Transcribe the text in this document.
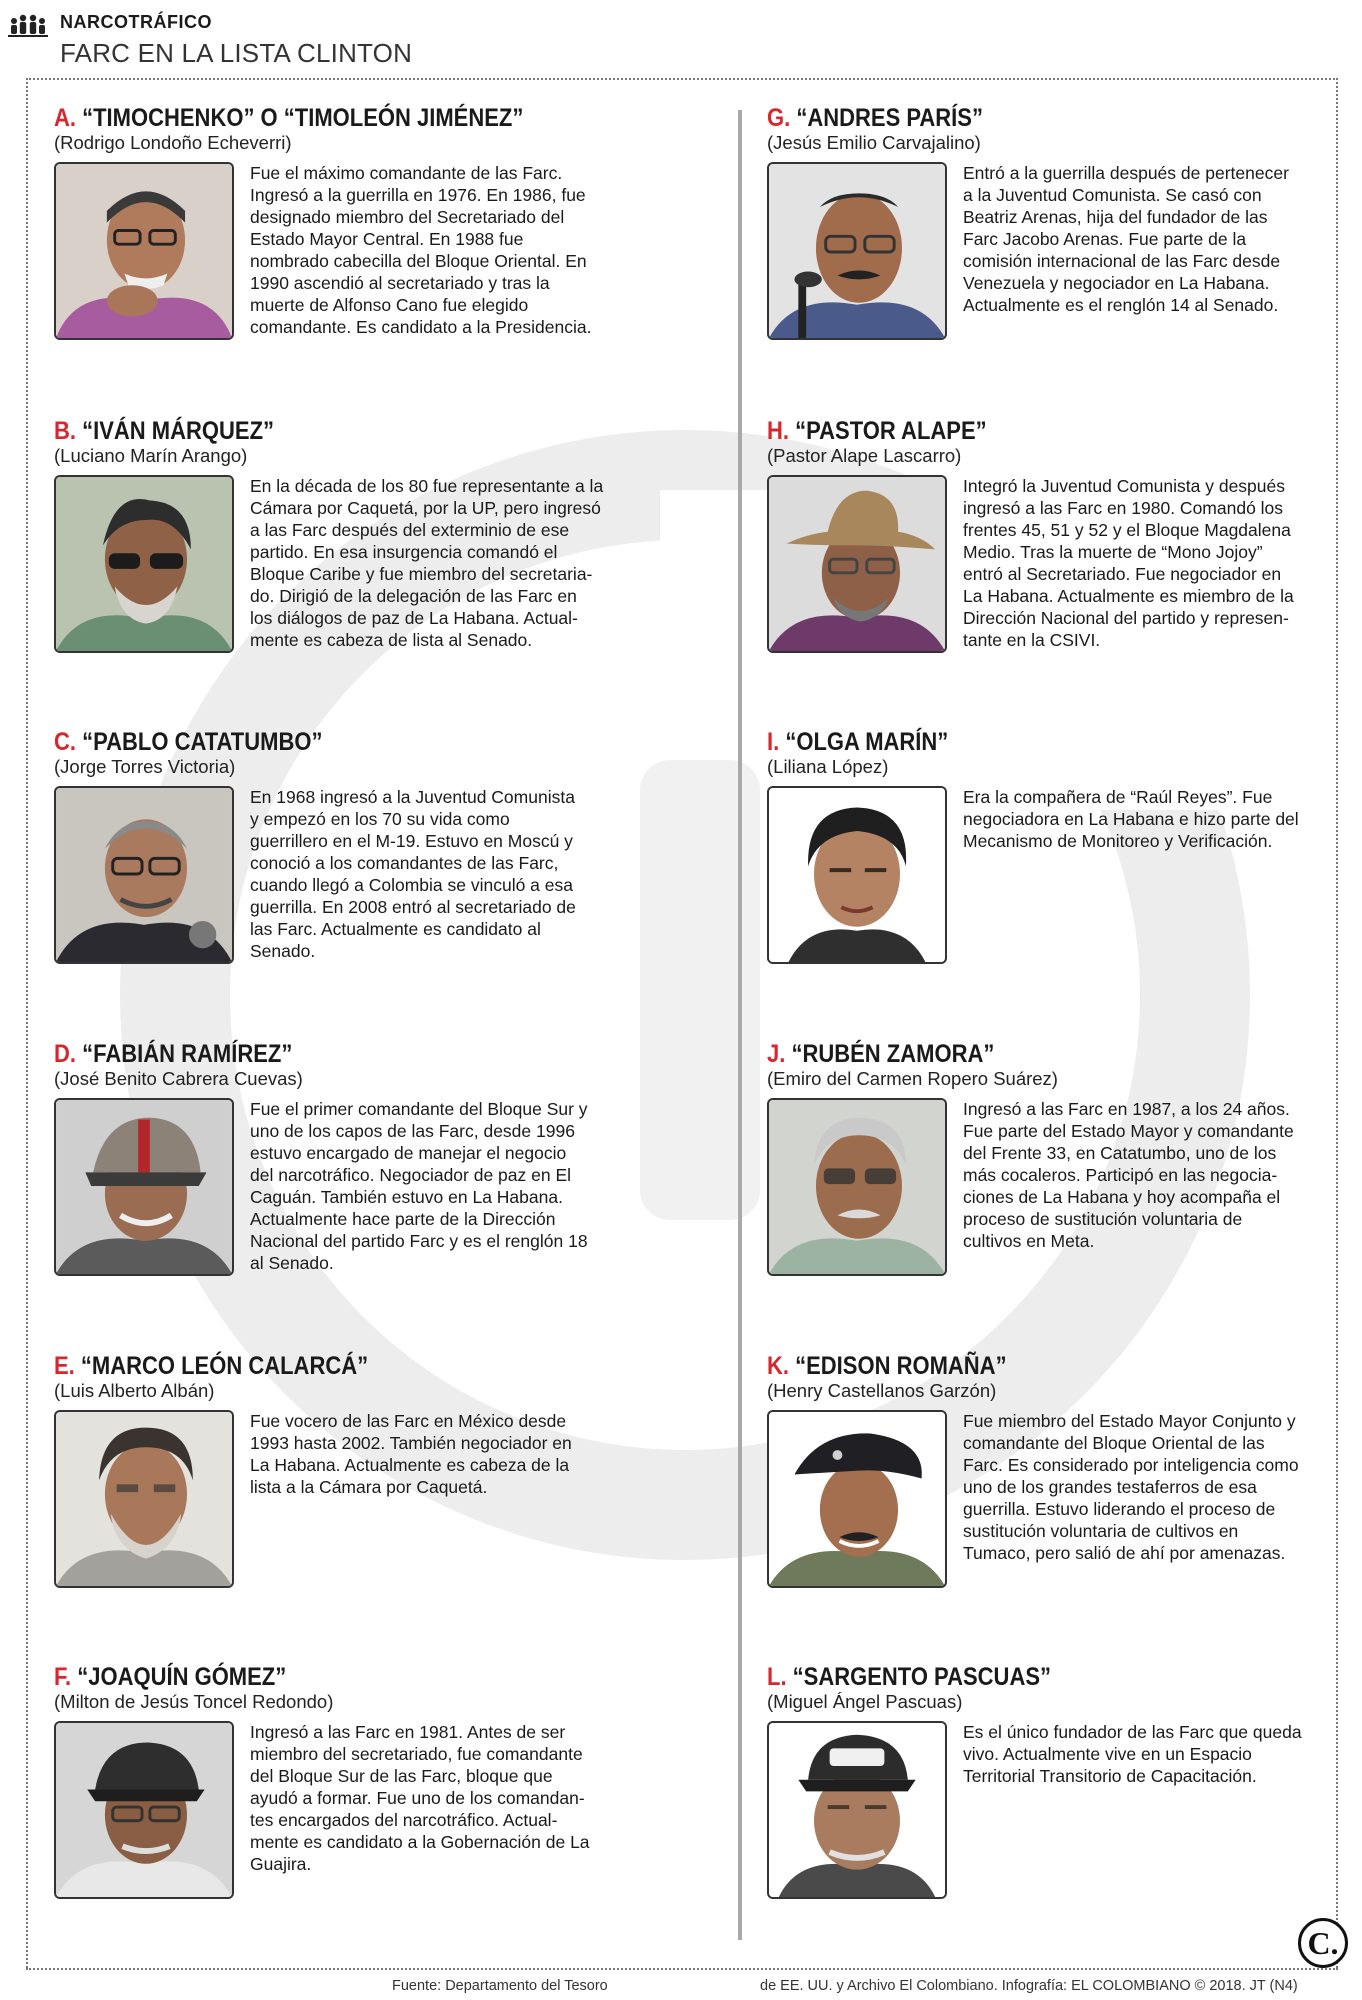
NARCOTRÁFICO
FARC EN LA LISTA CLINTON
A. “TIMOCHENKO” O “TIMOLEÓN JIMÉNEZ”
(Rodrigo Londoño Echeverri)
Fue el máximo comandante de las Farc.
Ingresó a la guerrilla en 1976. En 1986, fue
designado miembro del Secretariado del
Estado Mayor Central. En 1988 fue
nombrado cabecilla del Bloque Oriental. En
1990 ascendió al secretariado y tras la
muerte de Alfonso Cano fue elegido
comandante. Es candidato a la Presidencia.
B. “IVÁN MÁRQUEZ”
(Luciano Marín Arango)
En la década de los 80 fue representante a la
Cámara por Caquetá, por la UP, pero ingresó
a las Farc después del exterminio de ese
partido. En esa insurgencia comandó el
Bloque Caribe y fue miembro del secretaria-
do. Dirigió de la delegación de las Farc en
los diálogos de paz de La Habana. Actual-
mente es cabeza de lista al Senado.
C. “PABLO CATATUMBO”
(Jorge Torres Victoria)
En 1968 ingresó a la Juventud Comunista
y empezó en los 70 su vida como
guerrillero en el M-19. Estuvo en Moscú y
conoció a los comandantes de las Farc,
cuando llegó a Colombia se vinculó a esa
guerrilla. En 2008 entró al secretariado de
las Farc. Actualmente es candidato al
Senado.
D. “FABIÁN RAMÍREZ”
(José Benito Cabrera Cuevas)
Fue el primer comandante del Bloque Sur y
uno de los capos de las Farc, desde 1996
estuvo encargado de manejar el negocio
del narcotráfico. Negociador de paz en El
Caguán. También estuvo en La Habana.
Actualmente hace parte de la Dirección
Nacional del partido Farc y es el renglón 18
al Senado.
E. “MARCO LEÓN CALARCÁ”
(Luis Alberto Albán)
Fue vocero de las Farc en México desde
1993 hasta 2002. También negociador en
La Habana. Actualmente es cabeza de la
lista a la Cámara por Caquetá.
F. “JOAQUÍN GÓMEZ”
(Milton de Jesús Toncel Redondo)
Ingresó a las Farc en 1981. Antes de ser
miembro del secretariado, fue comandante
del Bloque Sur de las Farc, bloque que
ayudó a formar. Fue uno de los comandan-
tes encargados del narcotráfico. Actual-
mente es candidato a la Gobernación de La
Guajira.
G. “ANDRES PARÍS”
(Jesús Emilio Carvajalino)
Entró a la guerrilla después de pertenecer
a la Juventud Comunista. Se casó con
Beatriz Arenas, hija del fundador de las
Farc Jacobo Arenas. Fue parte de la
comisión internacional de las Farc desde
Venezuela y negociador en La Habana.
Actualmente es el renglón 14 al Senado.
H. “PASTOR ALAPE”
(Pastor Alape Lascarro)
Integró la Juventud Comunista y después
ingresó a las Farc en 1980. Comandó los
frentes 45, 51 y 52 y el Bloque Magdalena
Medio. Tras la muerte de “Mono Jojoy”
entró al Secretariado. Fue negociador en
La Habana. Actualmente es miembro de la
Dirección Nacional del partido y represen-
tante en la CSIVI.
I. “OLGA MARÍN”
(Liliana López)
Era la compañera de “Raúl Reyes”. Fue
negociadora en La Habana e hizo parte del
Mecanismo de Monitoreo y Verificación.
J. “RUBÉN ZAMORA”
(Emiro del Carmen Ropero Suárez)
Ingresó a las Farc en 1987, a los 24 años.
Fue parte del Estado Mayor y comandante
del Frente 33, en Catatumbo, uno de los
más cocaleros. Participó en las negocia-
ciones de La Habana y hoy acompaña el
proceso de sustitución voluntaria de
cultivos en Meta.
K. “EDISON ROMAÑA”
(Henry Castellanos Garzón)
Fue miembro del Estado Mayor Conjunto y
comandante del Bloque Oriental de las
Farc. Es considerado por inteligencia como
uno de los grandes testaferros de esa
guerrilla. Estuvo liderando el proceso de
sustitución voluntaria de cultivos en
Tumaco, pero salió de ahí por amenazas.
L. “SARGENTO PASCUAS”
(Miguel Ángel Pascuas)
Es el único fundador de las Farc que queda
vivo. Actualmente vive en un Espacio
Territorial Transitorio de Capacitación.
C.
Fuente: Departamento del Tesoro	de EE. UU. y Archivo El Colombiano. Infografía: EL COLOMBIANO © 2018. JT (N4)
